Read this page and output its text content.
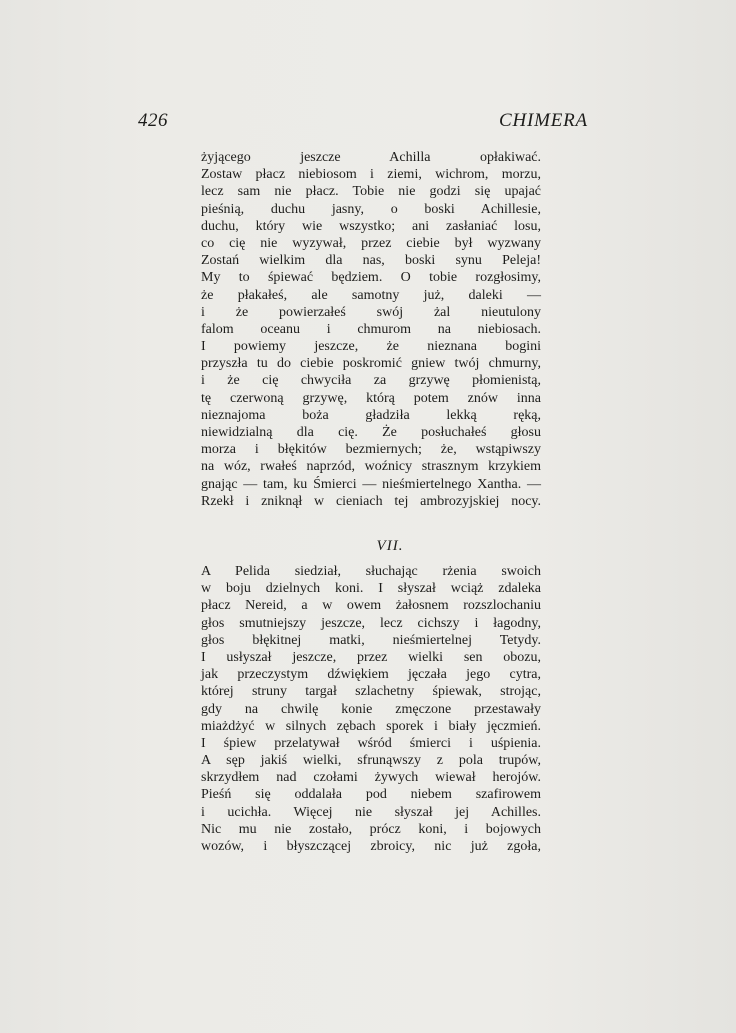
426	CHIMERA
żyjącego jeszcze Achilla opłakiwać.
Zostaw płacz niebiosom i ziemi, wichrom, morzu,
lecz sam nie płacz. Tobie nie godzi się upajać
pieśnią, duchu jasny, o boski Achillesie,
duchu, który wie wszystko; ani zasłaniać losu,
co cię nie wyzywał, przez ciebie był wyzwany
Zostań wielkim dla nas, boski synu Peleja!
My to śpiewać będziem. O tobie rozgłosimy,
że płakałeś, ale samotny już, daleki —
i że powierzałeś swój żal nieutulony
falom oceanu i chmurom na niebiosach.
I powiemy jeszcze, że nieznana bogini
przyszła tu do ciebie poskromić gniew twój chmurny,
i że cię chwyciła za grzywę płomienistą,
tę czerwoną grzywę, którą potem znów inna
nieznajoma boża gładziła lekką ręką,
niewidzialną dla cię. Że posłuchałeś głosu
morza i błękitów bezmiernych; że, wstąpiwszy
na wóz, rwałeś naprzód, woźnicy strasznym krzykiem
gnając — tam, ku Śmierci — nieśmiertelnego Xantha. —
Rzekł i zniknął w cieniach tej ambrozyjskiej nocy.
VII.
A Pelida siedział, słuchając rżenia swoich
w boju dzielnych koni. I słyszał wciąż zdaleka
płacz Nereid, a w owem żałosnem rozszlochaniu
głos smutniejszy jeszcze, lecz cichszy i łagodny,
głos błękitnej matki, nieśmiertelnej Tetydy.
I usłyszał jeszcze, przez wielki sen obozu,
jak przeczystym dźwiękiem jęczała jego cytra,
której struny targał szlachetny śpiewak, strojąc,
gdy na chwilę konie zmęczone przestawały
miażdżyć w silnych zębach sporek i biały jęczmień.
I śpiew przelatywał wśród śmierci i uśpienia.
A sęp jakiś wielki, sfrunąwszy z pola trupów,
skrzydłem nad czołami żywych wiewał herojów.
Pieśń się oddalała pod niebem szafirowem
i ucichła. Więcej nie słyszał jej Achilles.
Nic mu nie zostało, prócz koni, i bojowych
wozów, i błyszczącej zbroicy, nic już zgoła,
